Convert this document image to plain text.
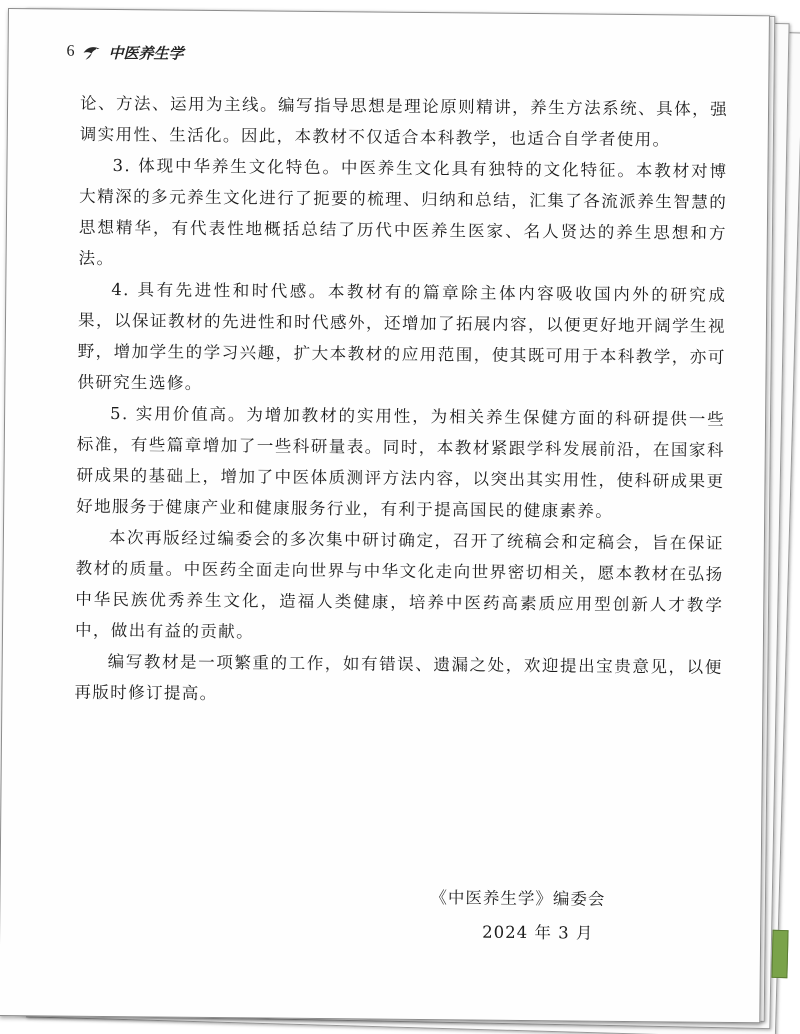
6 中医养生学

论、方法、运用为主线。编写指导思想是理论原则精讲，养生方法系统、具体，强调实用性、生活化。因此，本教材不仅适合本科教学，也适合自学者使用。

3. 体现中华养生文化特色。中医养生文化具有独特的文化特征。本教材对博大精深的多元养生文化进行了扼要的梳理、归纳和总结，汇集了各流派养生智慧的思想精华，有代表性地概括总结了历代中医养生医家、名人贤达的养生思想和方法。

4. 具有先进性和时代感。本教材有的篇章除主体内容吸收国内外的研究成果，以保证教材的先进性和时代感外，还增加了拓展内容，以便更好地开阔学生视野，增加学生的学习兴趣，扩大本教材的应用范围，使其既可用于本科教学，亦可供研究生选修。

5. 实用价值高。为增加教材的实用性，为相关养生保健方面的科研提供一些标准，有些篇章增加了一些科研量表。同时，本教材紧跟学科发展前沿，在国家科研成果的基础上，增加了中医体质测评方法内容，以突出其实用性，使科研成果更好地服务于健康产业和健康服务行业，有利于提高国民的健康素养。

本次再版经过编委会的多次集中研讨确定，召开了统稿会和定稿会，旨在保证教材的质量。中医药全面走向世界与中华文化走向世界密切相关，愿本教材在弘扬中华民族优秀养生文化，造福人类健康，培养中医药高素质应用型创新人才教学中，做出有益的贡献。

编写教材是一项繁重的工作，如有错误、遗漏之处，欢迎提出宝贵意见，以便再版时修订提高。

《中医养生学》编委会
2024 年 3 月
